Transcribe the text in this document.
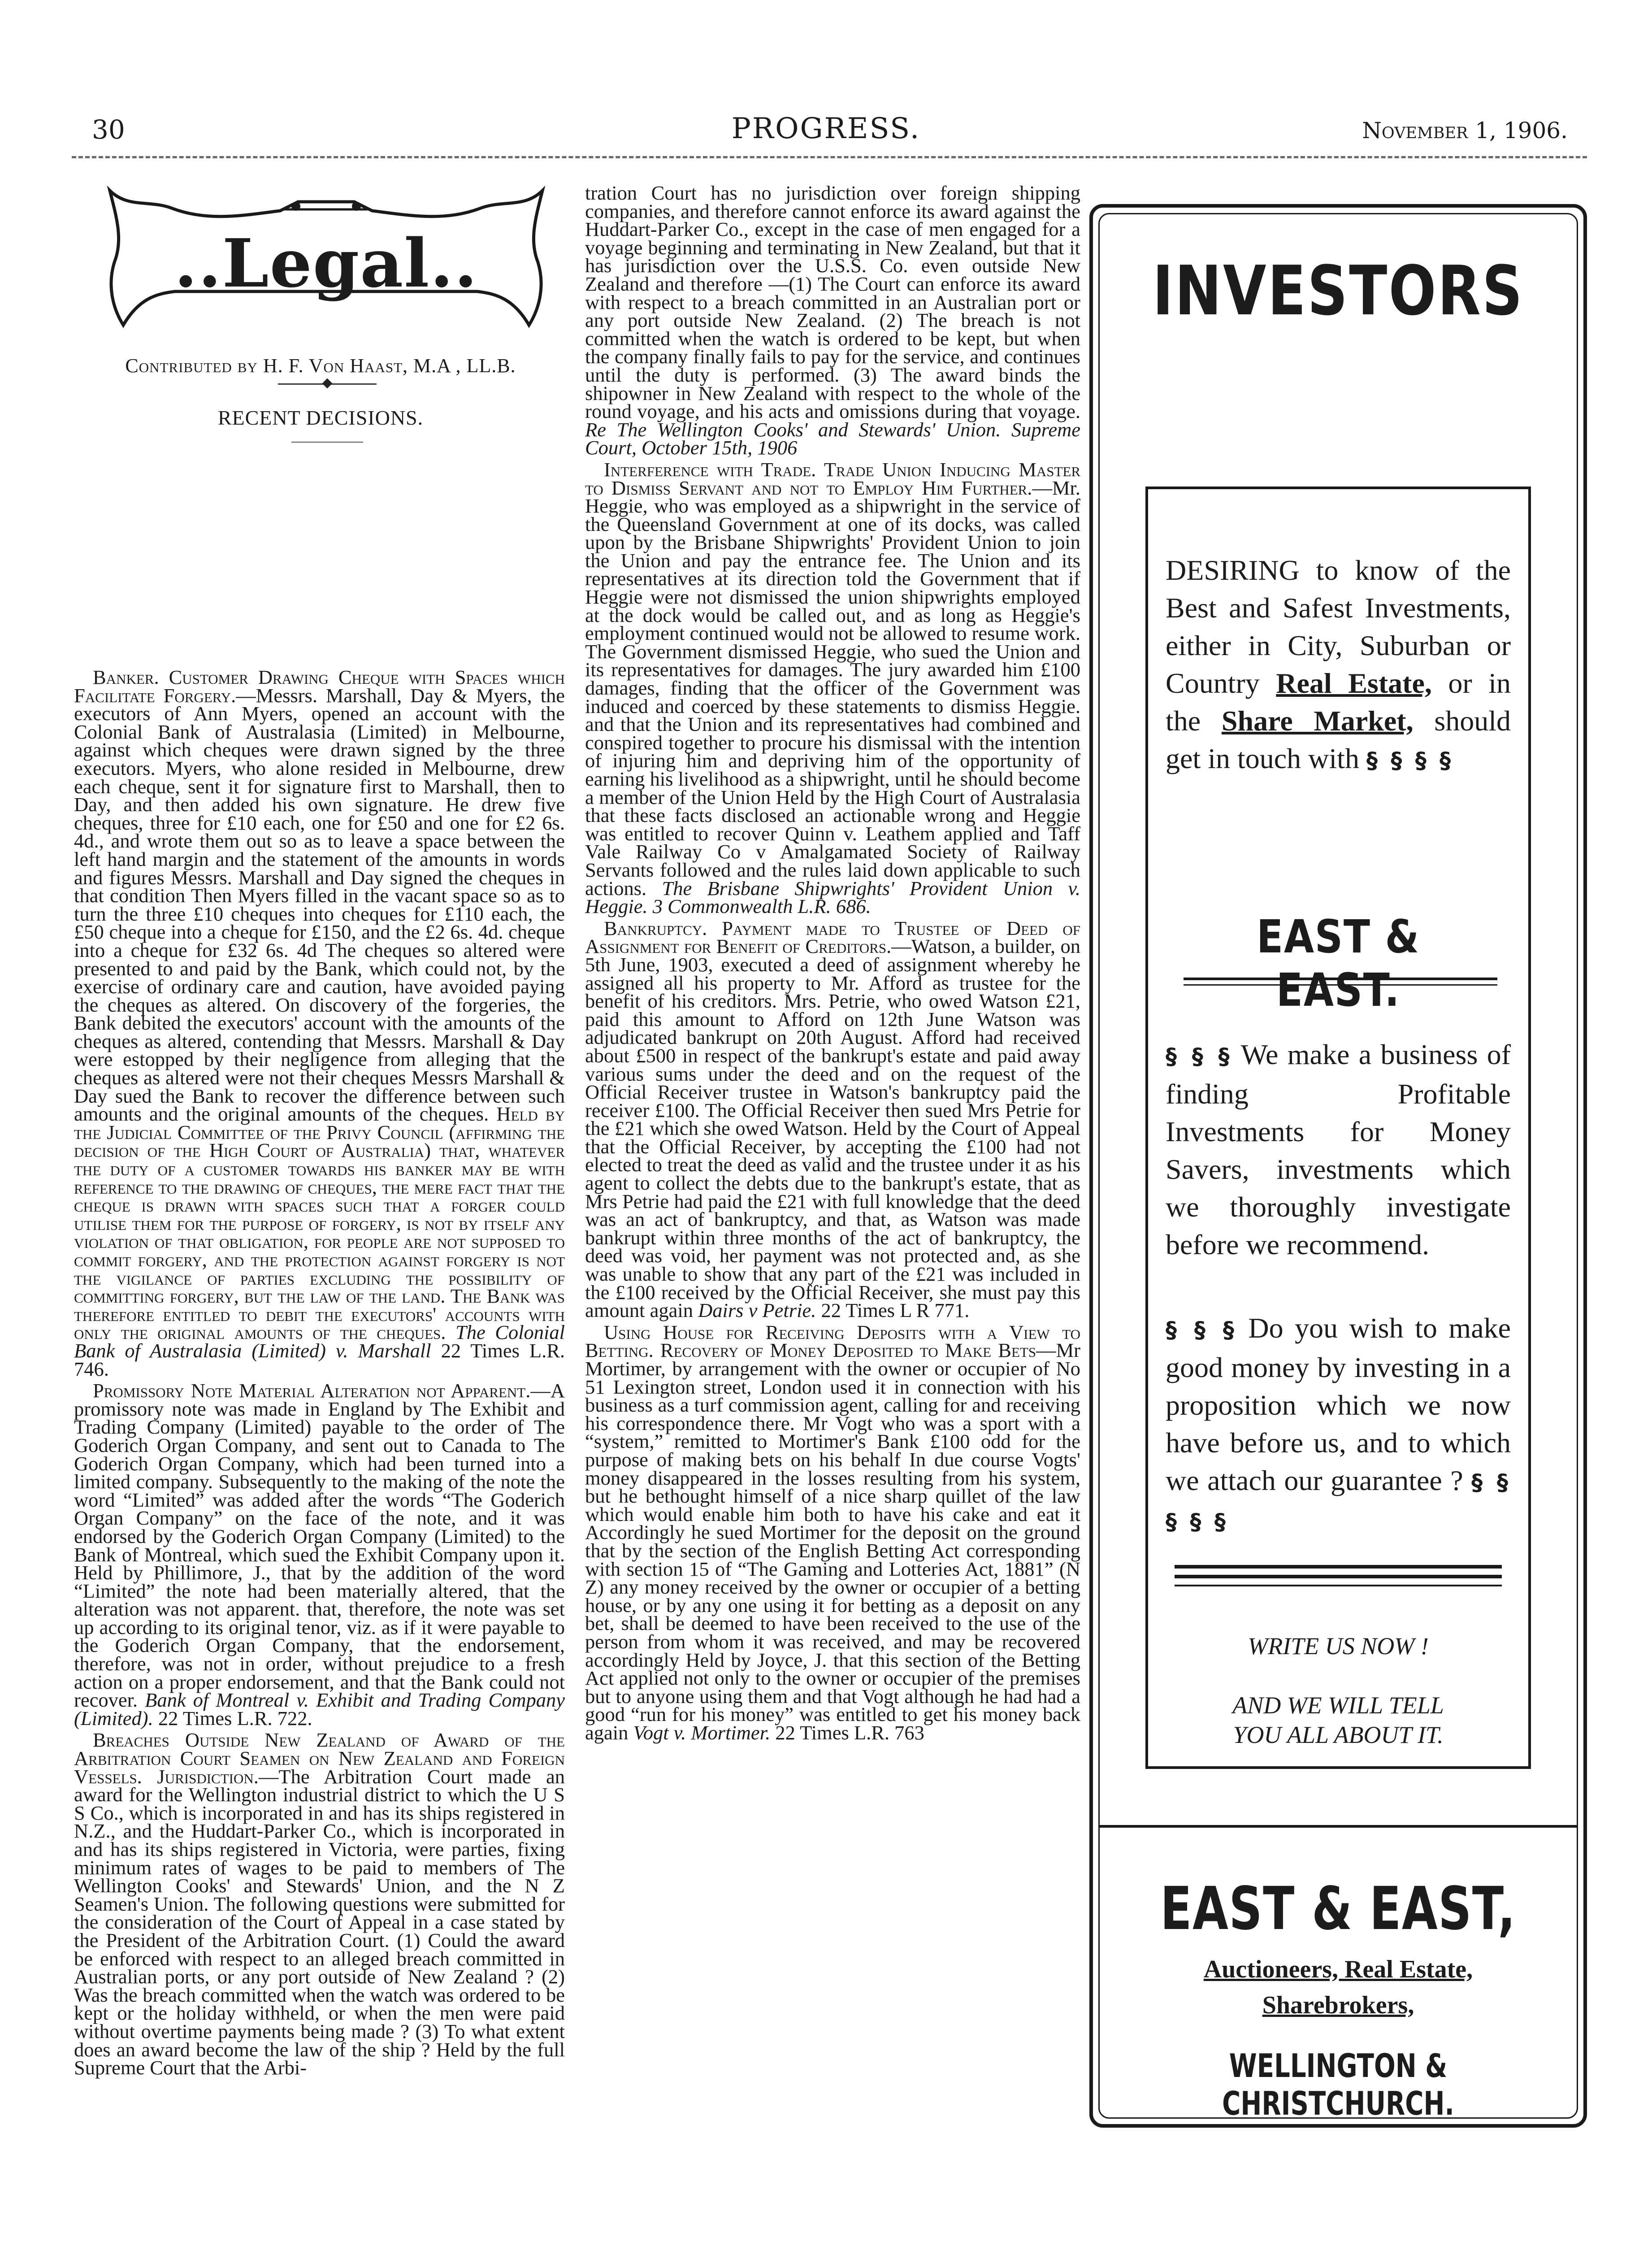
30	PROGRESS.	November 1, 1906.
..Legal..
Contributed by H. F. Von Haast, M.A , LL.B.
RECENT DECISIONS.

Banker. Customer Drawing Cheque with Spaces which Facilitate Forgery.—Messrs. Marshall, Day & Myers, the executors of Ann Myers, opened an account with the Colonial Bank of Australasia (Limited) in Melbourne, against which cheques were drawn signed by the three executors. Myers, who alone resided in Melbourne, drew each cheque, sent it for signature first to Marshall, then to Day, and then added his own signature. He drew five cheques, three for £10 each, one for £50 and one for £2 6s. 4d., and wrote them out so as to leave a space between the left hand margin and the statement of the amounts in words and figures Messrs. Marshall and Day signed the cheques in that condition Then Myers filled in the vacant space so as to turn the three £10 cheques into cheques for £110 each, the £50 cheque into a cheque for £150, and the £2 6s. 4d. cheque into a cheque for £32 6s. 4d The cheques so altered were presented to and paid by the Bank, which could not, by the exercise of ordinary care and caution, have avoided paying the cheques as altered. On discovery of the forgeries, the Bank debited the executors' account with the amounts of the cheques as altered, contending that Messrs. Marshall & Day were estopped by their negligence from alleging that the cheques as altered were not their cheques Messrs Marshall & Day sued the Bank to recover the difference between such amounts and the original amounts of the cheques. Held by the Judicial Committee of the Privy Council (affirming the decision of the High Court of Australia) that, whatever the duty of a customer towards his banker may be with reference to the drawing of cheques, the mere fact that the cheque is drawn with spaces such that a forger could utilise them for the purpose of forgery, is not by itself any violation of that obligation, for people are not supposed to commit forgery, and the protection against forgery is not the vigilance of parties excluding the possibility of committing forgery, but the law of the land. The Bank was therefore entitled to debit the executors' accounts with only the original amounts of the cheques. The Colonial Bank of Australasia (Limited) v. Marshall 22 Times L.R. 746.

Promissory Note Material Alteration not Apparent.—A promissory note was made in England by The Exhibit and Trading Company (Limited) payable to the order of The Goderich Organ Company, and sent out to Canada to The Goderich Organ Company, which had been turned into a limited company. Subsequently to the making of the note the word “Limited” was added after the words “The Goderich Organ Company” on the face of the note, and it was endorsed by the Goderich Organ Company (Limited) to the Bank of Montreal, which sued the Exhibit Company upon it. Held by Phillimore, J., that by the addition of the word “Limited” the note had been materially altered, that the alteration was not apparent. that, therefore, the note was set up according to its original tenor, viz. as if it were payable to the Goderich Organ Company, that the endorsement, therefore, was not in order, without prejudice to a fresh action on a proper endorsement, and that the Bank could not recover. Bank of Montreal v. Exhibit and Trading Company (Limited). 22 Times L.R. 722.

Breaches Outside New Zealand of Award of the Arbitration Court Seamen on New Zealand and Foreign Vessels. Jurisdiction.—The Arbitration Court made an award for the Wellington industrial district to which the U S S Co., which is incorporated in and has its ships registered in N.Z., and the Huddart-Parker Co., which is incorporated in and has its ships registered in Victoria, were parties, fixing minimum rates of wages to be paid to members of The Wellington Cooks' and Stewards' Union, and the N Z Seamen's Union. The following questions were submitted for the consideration of the Court of Appeal in a case stated by the President of the Arbitration Court. (1) Could the award be enforced with respect to an alleged breach committed in Australian ports, or any port outside of New Zealand ? (2) Was the breach committed when the watch was ordered to be kept or the holiday withheld, or when the men were paid without overtime payments being made ? (3) To what extent does an award become the law of the ship ? Held by the full Supreme Court that the Arbi-

tration Court has no jurisdiction over foreign shipping companies, and therefore cannot enforce its award against the Huddart-Parker Co., except in the case of men engaged for a voyage beginning and terminating in New Zealand, but that it has jurisdiction over the U.S.S. Co. even outside New Zealand and therefore —(1) The Court can enforce its award with respect to a breach committed in an Australian port or any port outside New Zealand. (2) The breach is not committed when the watch is ordered to be kept, but when the company finally fails to pay for the service, and continues until the duty is performed. (3) The award binds the shipowner in New Zealand with respect to the whole of the round voyage, and his acts and omissions during that voyage. Re The Wellington Cooks' and Stewards' Union. Supreme Court, October 15th, 1906

Interference with Trade. Trade Union Inducing Master to Dismiss Servant and not to Employ Him Further.—Mr. Heggie, who was employed as a shipwright in the service of the Queensland Government at one of its docks, was called upon by the Brisbane Shipwrights' Provident Union to join the Union and pay the entrance fee. The Union and its representatives at its direction told the Government that if Heggie were not dismissed the union shipwrights employed at the dock would be called out, and as long as Heggie's employment continued would not be allowed to resume work. The Government dismissed Heggie, who sued the Union and its representatives for damages. The jury awarded him £100 damages, finding that the officer of the Government was induced and coerced by these statements to dismiss Heggie. and that the Union and its representatives had combined and conspired together to procure his dismissal with the intention of injuring him and depriving him of the opportunity of earning his livelihood as a shipwright, until he should become a member of the Union Held by the High Court of Australasia that these facts disclosed an actionable wrong and Heggie was entitled to recover Quinn v. Leathem applied and Taff Vale Railway Co v Amalgamated Society of Railway Servants followed and the rules laid down applicable to such actions. The Brisbane Shipwrights' Provident Union v. Heggie. 3 Commonwealth L.R. 686.

Bankruptcy. Payment made to Trustee of Deed of Assignment for Benefit of Creditors.—Watson, a builder, on 5th June, 1903, executed a deed of assignment whereby he assigned all his property to Mr. Afford as trustee for the benefit of his creditors. Mrs. Petrie, who owed Watson £21, paid this amount to Afford on 12th June Watson was adjudicated bankrupt on 20th August. Afford had received about £500 in respect of the bankrupt's estate and paid away various sums under the deed and on the request of the Official Receiver trustee in Watson's bankruptcy paid the receiver £100. The Official Receiver then sued Mrs Petrie for the £21 which she owed Watson. Held by the Court of Appeal that the Official Receiver, by accepting the £100 had not elected to treat the deed as valid and the trustee under it as his agent to collect the debts due to the bankrupt's estate, that as Mrs Petrie had paid the £21 with full knowledge that the deed was an act of bankruptcy, and that, as Watson was made bankrupt within three months of the act of bankruptcy, the deed was void, her payment was not protected and, as she was unable to show that any part of the £21 was included in the £100 received by the Official Receiver, she must pay this amount again Dairs v Petrie. 22 Times L R 771.

Using House for Receiving Deposits with a View to Betting. Recovery of Money Deposited to Make Bets—Mr Mortimer, by arrangement with the owner or occupier of No 51 Lexington street, London used it in connection with his business as a turf commission agent, calling for and receiving his correspondence there. Mr Vogt who was a sport with a “system,” remitted to Mortimer's Bank £100 odd for the purpose of making bets on his behalf In due course Vogts' money disappeared in the losses resulting from his system, but he bethought himself of a nice sharp quillet of the law which would enable him both to have his cake and eat it Accordingly he sued Mortimer for the deposit on the ground that by the section of the English Betting Act corresponding with section 15 of “The Gaming and Lotteries Act, 1881” (N Z) any money received by the owner or occupier of a betting house, or by any one using it for betting as a deposit on any bet, shall be deemed to have been received to the use of the person from whom it was received, and may be recovered accordingly Held by Joyce, J. that this section of the Betting Act applied not only to the owner or occupier of the premises but to anyone using them and that Vogt although he had had a good “run for his money” was entitled to get his money back again Vogt v. Mortimer. 22 Times L.R. 763

INVESTORS
DESIRING to know of the Best and Safest Investments, either in City, Suburban or Country Real Estate, or in the Share Market, should get in touch with § § § §
EAST & EAST.
§ § § We make a business of finding Profitable Investments for Money Savers, investments which we thoroughly investigate before we recommend.
§ § § Do you wish to make good money by investing in a proposition which we now have before us, and to which we attach our guarantee ? § § § § §
WRITE US NOW !
AND WE WILL TELL
YOU ALL ABOUT IT.
EAST & EAST,
Auctioneers, Real Estate,
Sharebrokers,
WELLINGTON & CHRISTCHURCH.
